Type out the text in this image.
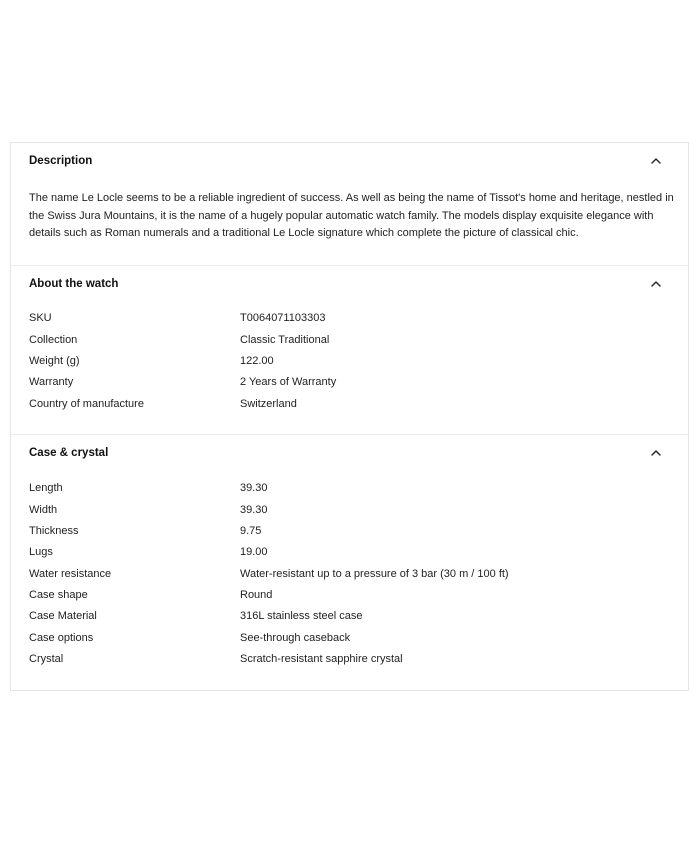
Description
The name Le Locle seems to be a reliable ingredient of success. As well as being the name of Tissot's home and heritage, nestled in the Swiss Jura Mountains, it is the name of a hugely popular automatic watch family. The models display exquisite elegance with details such as Roman numerals and a traditional Le Locle signature which complete the picture of classical chic.
About the watch
SKU	T0064071103303
Collection	Classic Traditional
Weight (g)	122.00
Warranty	2 Years of Warranty
Country of manufacture	Switzerland
Case & crystal
Length	39.30
Width	39.30
Thickness	9.75
Lugs	19.00
Water resistance	Water-resistant up to a pressure of 3 bar (30 m / 100 ft)
Case shape	Round
Case Material	316L stainless steel case
Case options	See-through caseback
Crystal	Scratch-resistant sapphire crystal
